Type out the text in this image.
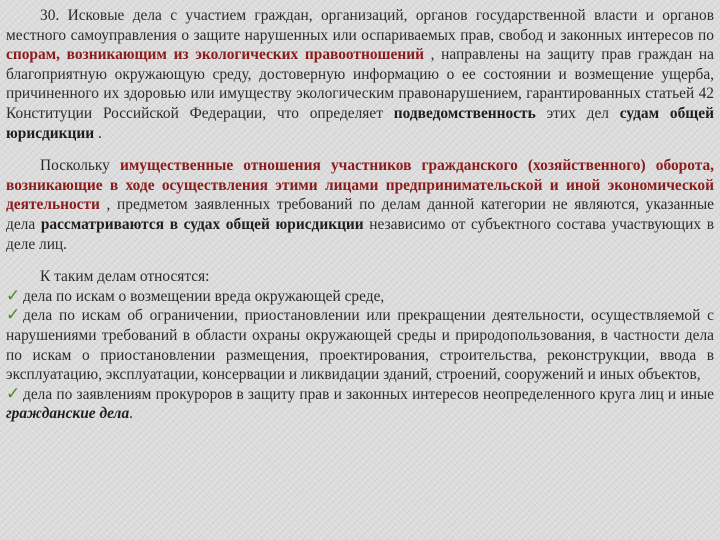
30. Исковые дела с участием граждан, организаций, органов государственной власти и органов местного самоуправления о защите нарушенных или оспариваемых прав, свобод и законных интересов по спорам, возникающим из экологических правоотношений , направлены на защиту прав граждан на благоприятную окружающую среду, достоверную информацию о ее состоянии и возмещение ущерба, причиненного их здоровью или имуществу экологическим правонарушением, гарантированных статьей 42 Конституции Российской Федерации, что определяет подведомственность этих дел судам общей юрисдикции .

Поскольку имущественные отношения участников гражданского (хозяйственного) оборота, возникающие в ходе осуществления этими лицами предпринимательской и иной экономической деятельности , предметом заявленных требований по делам данной категории не являются, указанные дела рассматриваются в судах общей юрисдикции независимо от субъектного состава участвующих в деле лиц.

К таким делам относятся:

✓ дела по искам о возмещении вреда окружающей среде,

✓ дела по искам об ограничении, приостановлении или прекращении деятельности, осуществляемой с нарушениями требований в области охраны окружающей среды и природопользования, в частности дела по искам о приостановлении размещения, проектирования, строительства, реконструкции, ввода в эксплуатацию, эксплуатации, консервации и ликвидации зданий, строений, сооружений и иных объектов,

✓ дела по заявлениям прокуроров в защиту прав и законных интересов неопределенного круга лиц и иные гражданские дела.
